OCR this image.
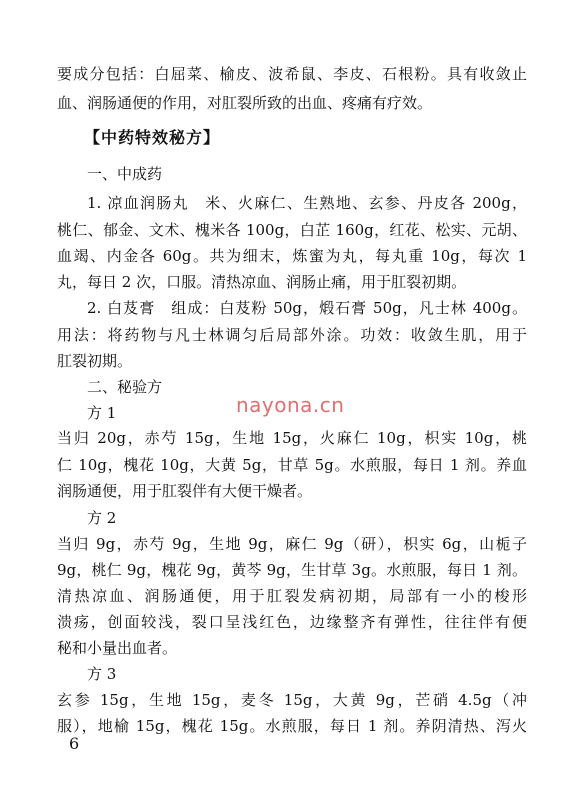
要成分包括：白屈菜、榆皮、波希鼠、李皮、石根粉。具有收敛止
血、润肠通便的作用，对肛裂所致的出血、疼痛有疗效。
【中药特效秘方】
一、中成药
1. 凉血润肠丸　米、火麻仁、生熟地、玄参、丹皮各 200g，
桃仁、郁金、文术、槐米各 100g，白芷 160g，红花、松实、元胡、
血竭、内金各 60g。共为细末，炼蜜为丸，每丸重 10g，每次 1
丸，每日 2 次，口服。清热凉血、润肠止痛，用于肛裂初期。
2. 白芨膏　组成：白芨粉 50g，煅石膏 50g，凡士林 400g。
用法：将药物与凡士林调匀后局部外涂。功效：收敛生肌，用于
肛裂初期。
二、秘验方
nayona.cn
方 1
当归 20g，赤芍 15g，生地 15g，火麻仁 10g，枳实 10g，桃
仁 10g，槐花 10g，大黄 5g，甘草 5g。水煎服，每日 1 剂。养血
润肠通便，用于肛裂伴有大便干燥者。
方 2
当归 9g，赤芍 9g，生地 9g，麻仁 9g（研），枳实 6g，山栀子
9g，桃仁 9g，槐花 9g，黄芩 9g，生甘草 3g。水煎服，每日 1 剂。
清热凉血、润肠通便，用于肛裂发病初期，局部有一小的梭形
溃疡，创面较浅，裂口呈浅红色，边缘整齐有弹性，往往伴有便
秘和小量出血者。
方 3
玄参 15g，生地 15g，麦冬 15g，大黄 9g，芒硝 4.5g（冲
服），地榆 15g，槐花 15g。水煎服，每日 1 剂。养阴清热、泻火
6
